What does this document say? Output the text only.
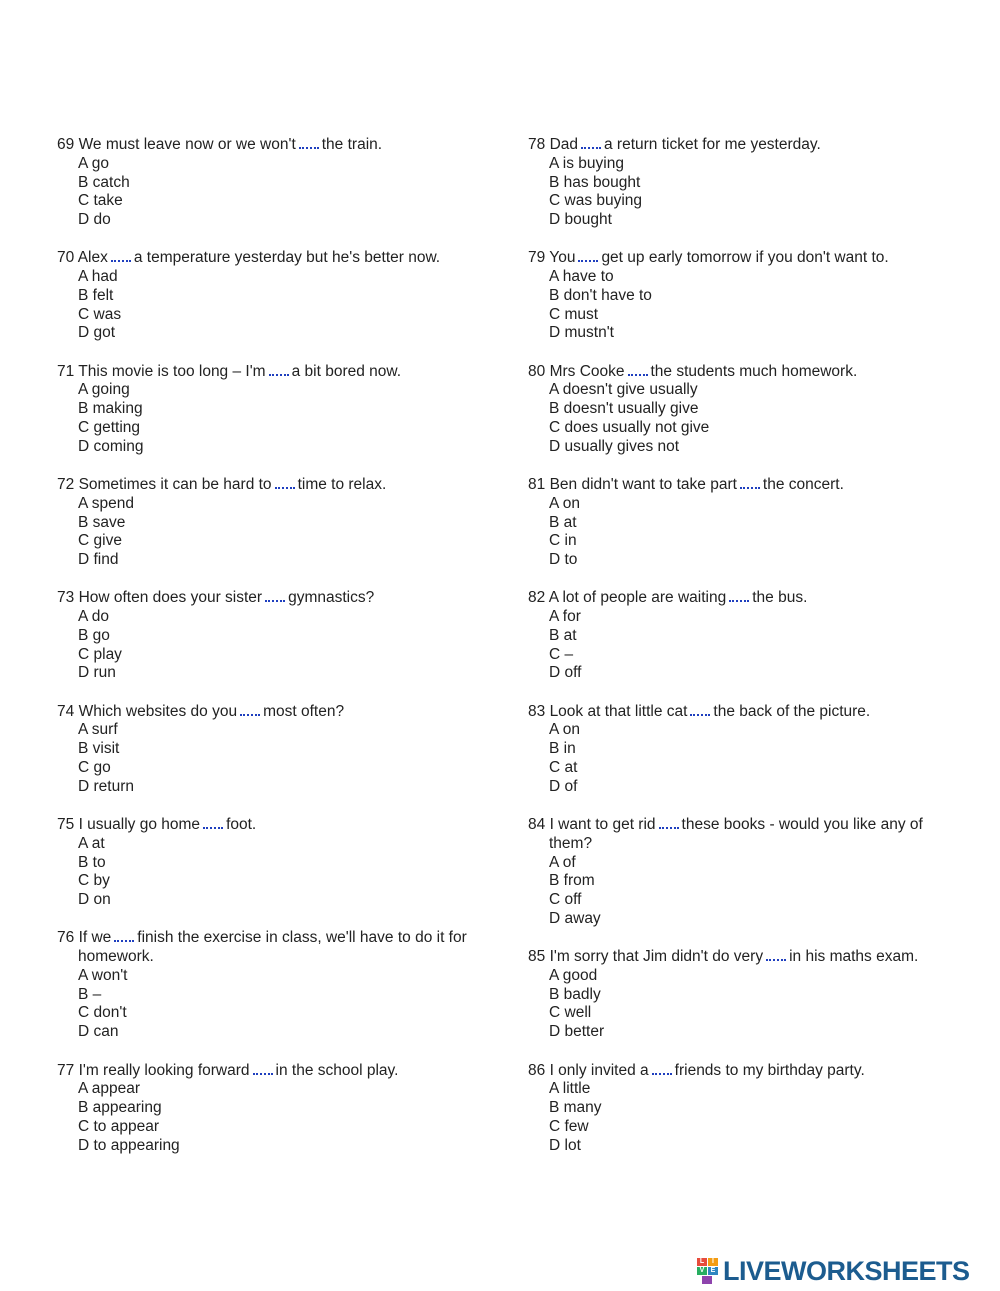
69 We must leave now or we won't the train.
A go
B catch
C take
D do
70 Alex a temperature yesterday but he's better now.
A had
B felt
C was
D got
71 This movie is too long – I'm a bit bored now.
A going
B making
C getting
D coming
72 Sometimes it can be hard to time to relax.
A spend
B save
C give
D find
73 How often does your sister gymnastics?
A do
B go
C play
D run
74 Which websites do you most often?
A surf
B visit
C go
D return
75 I usually go home foot.
A at
B to
C by
D on
76 If we finish the exercise in class, we'll have to do it for homework.
A won't
B –
C don't
D can
77 I'm really looking forward in the school play.
A appear
B appearing
C to appear
D to appearing
78 Dad a return ticket for me yesterday.
A is buying
B has bought
C was buying
D bought
79 You get up early tomorrow if you don't want to.
A have to
B don't have to
C must
D mustn't
80 Mrs Cooke the students much homework.
A doesn't give usually
B doesn't usually give
C does usually not give
D usually gives not
81 Ben didn't want to take part the concert.
A on
B at
C in
D to
82 A lot of people are waiting the bus.
A for
B at
C –
D off
83 Look at that little cat the back of the picture.
A on
B in
C at
D of
84 I want to get rid these books - would you like any of them?
A of
B from
C off
D away
85 I'm sorry that Jim didn't do very in his maths exam.
A good
B badly
C well
D better
86 I only invited a friends to my birthday party.
A little
B many
C few
D lot
L	I
V E LIVEWORKSHEETS
